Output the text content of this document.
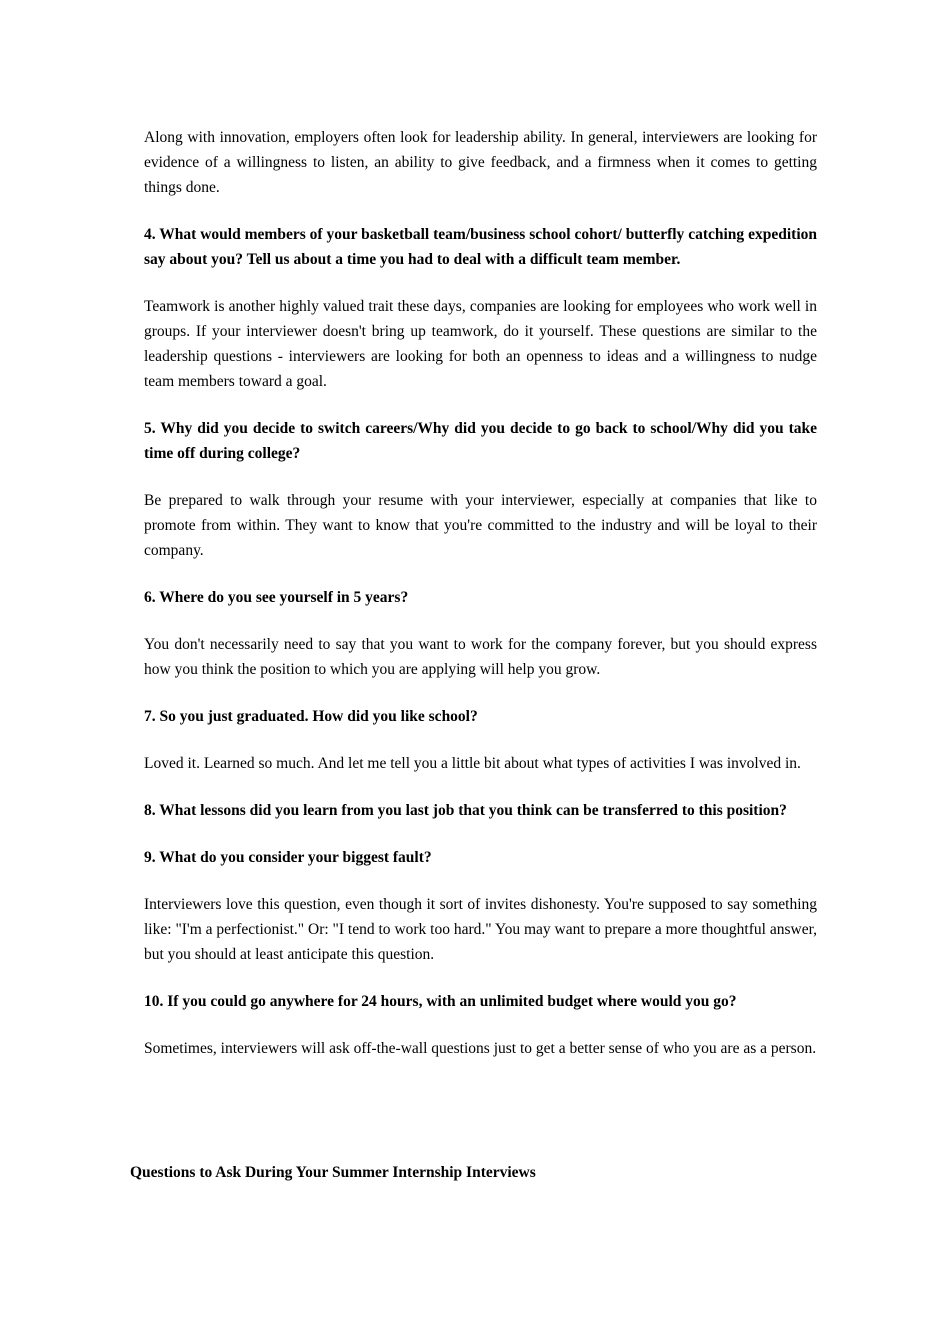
Along with innovation, employers often look for leadership ability. In general, interviewers are looking for evidence of a willingness to listen, an ability to give feedback, and a firmness when it comes to getting things done.

4. What would members of your basketball team/business school cohort/ butterfly catching expedition say about you? Tell us about a time you had to deal with a difficult team member.

Teamwork is another highly valued trait these days, companies are looking for employees who work well in groups. If your interviewer doesn't bring up teamwork, do it yourself. These questions are similar to the leadership questions - interviewers are looking for both an openness to ideas and a willingness to nudge team members toward a goal.

5. Why did you decide to switch careers/Why did you decide to go back to school/Why did you take time off during college?

Be prepared to walk through your resume with your interviewer, especially at companies that like to promote from within. They want to know that you're committed to the industry and will be loyal to their company.

6. Where do you see yourself in 5 years?

You don't necessarily need to say that you want to work for the company forever, but you should express how you think the position to which you are applying will help you grow.

7. So you just graduated. How did you like school?

Loved it. Learned so much. And let me tell you a little bit about what types of activities I was involved in.

8. What lessons did you learn from you last job that you think can be transferred to this position?

9. What do you consider your biggest fault?

Interviewers love this question, even though it sort of invites dishonesty. You're supposed to say something like: "I'm a perfectionist." Or: "I tend to work too hard." You may want to prepare a more thoughtful answer, but you should at least anticipate this question.

10. If you could go anywhere for 24 hours, with an unlimited budget where would you go?

Sometimes, interviewers will ask off-the-wall questions just to get a better sense of who you are as a person.

Questions to Ask During Your Summer Internship Interviews
